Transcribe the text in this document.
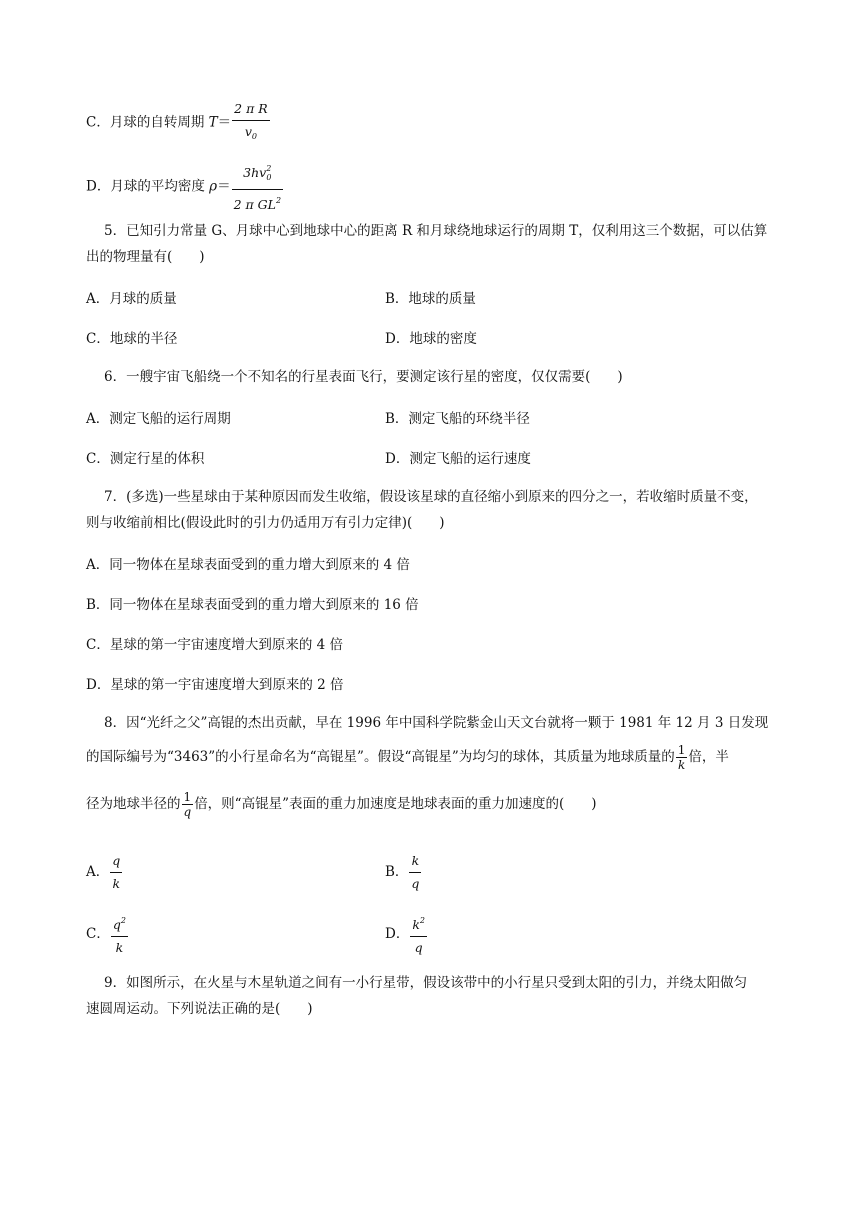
C．月球的自转周期 $T= \frac{\text{2 π R}}{v_0}$
D．月球的平均密度 $\rho= \frac{3hv^2_0}{2 \pi GL^2}$
5．已知引力常量 G、月球中心到地球中心的距离 R 和月球绕地球运行的周期 T，仅利用这三个数据，可以估算
出的物理量有(　　)
A．月球的质量	B．地球的质量
C．地球的半径	D．地球的密度
6．一艘宇宙飞船绕一个不知名的行星表面飞行，要测定该行星的密度，仅仅需要(　　)
A．测定飞船的运行周期	B．测定飞船的环绕半径
C．测定行星的体积	D．测定飞船的运行速度
7．(多选)一些星球由于某种原因而发生收缩，假设该星球的直径缩小到原来的四分之一，若收缩时质量不变，
则与收缩前相比(假设此时的引力仍适用万有引力定律)(　　)
A．同一物体在星球表面受到的重力增大到原来的 4 倍
B．同一物体在星球表面受到的重力增大到原来的 16 倍
C．星球的第一宇宙速度增大到原来的 4 倍
D．星球的第一宇宙速度增大到原来的 2 倍
8．因“光纤之父”高锟的杰出贡献，早在 1996 年中国科学院紫金山天文台就将一颗于 1981 年 12 月 3 日发现
的国际编号为“3463”的小行星命名为“高锟星”。假设“高锟星”为均匀的球体，其质量为地球质量的 $\frac{1}{k}$ 倍，半
径为地球半径的 $\frac{1}{q}$ 倍，则“高锟星”表面的重力加速度是地球表面的重力加速度的(　　)
A． $\frac{q}{k}$	B． $\frac{k}{q}$
C． $\frac{q^2}{k}$	D． $\frac{k^2}{q}$
9．如图所示，在火星与木星轨道之间有一小行星带，假设该带中的小行星只受到太阳的引力，并绕太阳做匀
速圆周运动。下列说法正确的是(　　)
